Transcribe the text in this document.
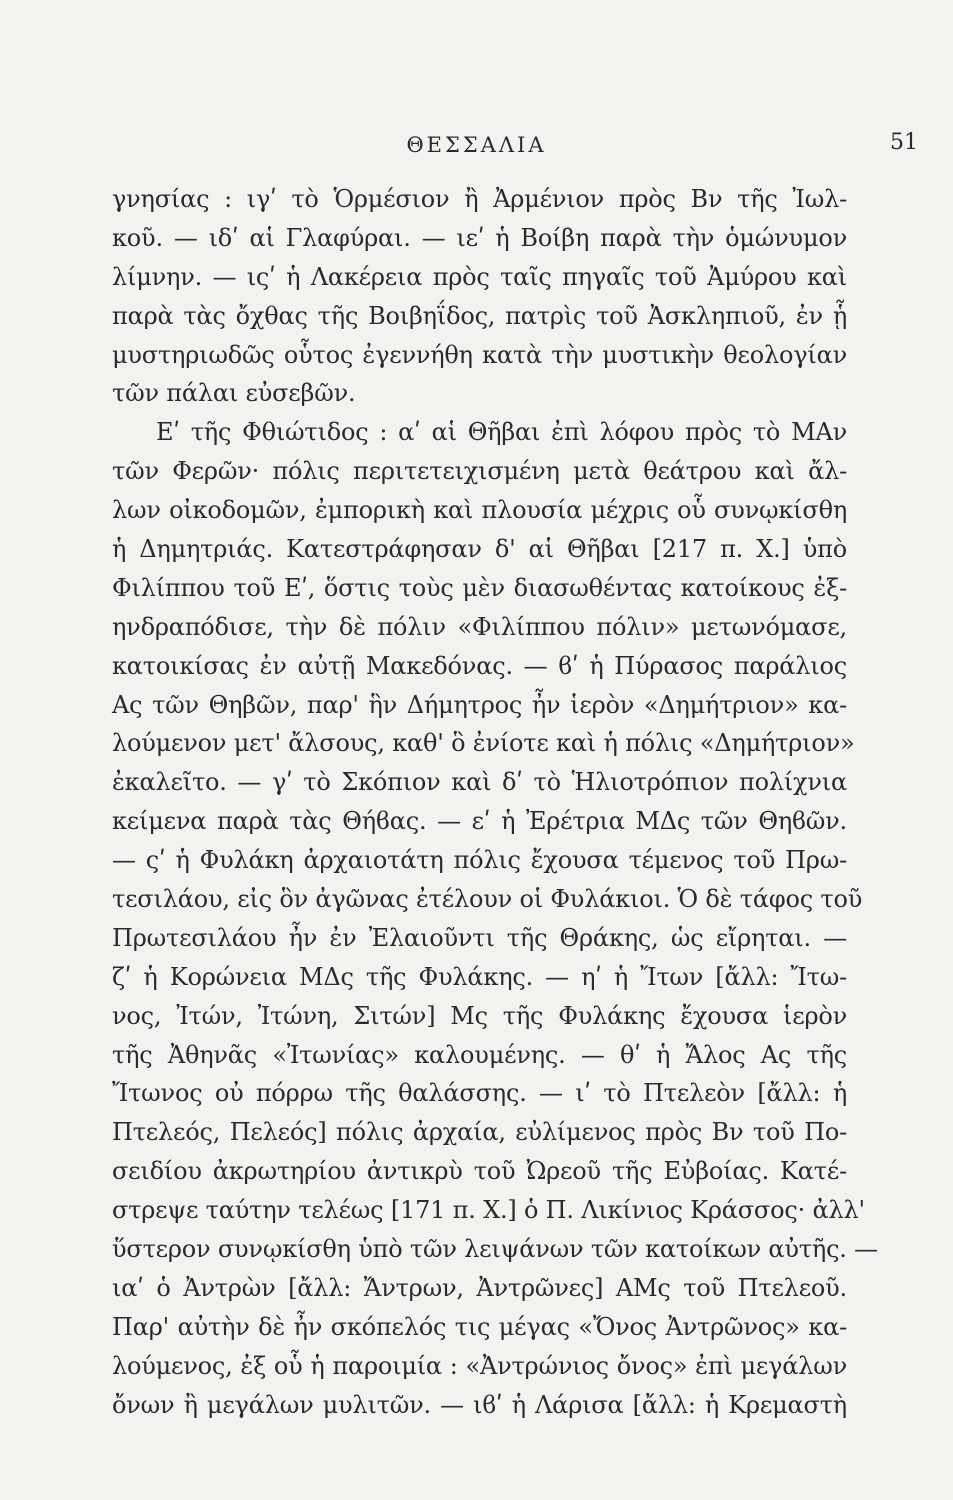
ΘΕΣΣΑΛΙΑ	51
γνησίας : ιγʹ τὸ Ὁρμέσιον ἢ Ἀρμένιον πρὸς Βν τῆς Ἰωλ-
κοῦ. — ιδʹ αἱ Γλαφύραι. — ιεʹ ἡ Βοίβη παρὰ τὴν ὁμώνυμον
λίμνην. — ιςʹ ἡ Λακέρεια πρὸς ταῖς πηγαῖς τοῦ Ἀμύρου καὶ
παρὰ τὰς ὄχθας τῆς Βοιβηΐδος, πατρὶς τοῦ Ἀσκληπιοῦ, ἐν ᾗ
μυστηριωδῶς οὗτος ἐγεννήθη κατὰ τὴν μυστικὴν θεολογίαν
τῶν πάλαι εὐσεβῶν.
Εʹ τῆς Φθιώτιδος : αʹ αἱ Θῆβαι ἐπὶ λόφου πρὸς τὸ ΜΑν
τῶν Φερῶν· πόλις περιτετειχισμένη μετὰ θεάτρου καὶ ἄλ-
λων οἰκοδομῶν, ἐμπορικὴ καὶ πλουσία μέχρις οὗ συνῳκίσθη
ἡ Δημητριάς. Κατεστράφησαν δ' αἱ Θῆβαι [217 π. Χ.] ὑπὸ
Φιλίππου τοῦ Εʹ, ὅστις τοὺς μὲν διασωθέντας κατοίκους ἐξ-
ηνδραπόδισε, τὴν δὲ πόλιν «Φιλίππου πόλιν» μετωνόμασε,
κατοικίσας ἐν αὐτῇ Μακεδόνας. — ϐʹ ἡ Πύρασος παράλιος
Ας τῶν Θηβῶν, παρ' ἣν Δήμητρος ἦν ἱερὸν «Δημήτριον» κα-
λούμενον μετ' ἄλσους, καθ' ὃ ἐνίοτε καὶ ἡ πόλις «Δημήτριον»
ἐκαλεῖτο. — γʹ τὸ Σκόπιον καὶ δʹ τὸ Ἡλιοτρόπιον πολίχνια
κείμενα παρὰ τὰς Θήϐας. — εʹ ἡ Ἐρέτρια ΜΔς τῶν Θηϐῶν.
— ςʹ ἡ Φυλάκη ἀρχαιοτάτη πόλις ἔχουσα τέμενος τοῦ Πρω-
τεσιλάου, εἰς ὃν ἀγῶνας ἐτέλουν οἱ Φυλάκιοι. Ὁ δὲ τάφος τοῦ
Πρωτεσιλάου ἦν ἐν Ἐλαιοῦντι τῆς Θράκης, ὡς εἴρηται. —
ζʹ ἡ Κορώνεια ΜΔς τῆς Φυλάκης. — ηʹ ἡ Ἴτων [ἄλλ: Ἴτω-
νος, Ἰτών, Ἰτώνη, Σιτών] Μς τῆς Φυλάκης ἔχουσα ἱερὸν
τῆς Ἀθηνᾶς «Ἰτωνίας» καλουμένης. — θʹ ἡ Ἄλος Ας τῆς
Ἴτωνος οὐ πόρρω τῆς θαλάσσης. — ιʹ τὸ Πτελεὸν [ἄλλ: ἡ
Πτελεός, Πελεός] πόλις ἀρχαία, εὐλίμενος πρὸς Βν τοῦ Πο-
σειδίου ἀκρωτηρίου ἀντικρὺ τοῦ Ὠρεοῦ τῆς Εὐβοίας. Κατέ-
στρεψε ταύτην τελέως [171 π. Χ.] ὁ Π. Λικίνιος Κράσσος· ἀλλ'
ὕστερον συνῳκίσθη ὑπὸ τῶν λειψάνων τῶν κατοίκων αὐτῆς. —
ιαʹ ὁ Ἀντρὼν [ἄλλ: Ἄντρων, Ἀντρῶνες] ΑΜς τοῦ Πτελεοῦ.
Παρ' αὐτὴν δὲ ἦν σκόπελός τις μέγας «Ὄνος Ἀντρῶνος» κα-
λούμενος, ἐξ οὗ ἡ παροιμία : «Ἀντρώνιος ὄνος» ἐπὶ μεγάλων
ὄνων ἢ μεγάλων μυλιτῶν. — ιϐʹ ἡ Λάρισα [ἄλλ: ἡ Κρεμαστὴ
